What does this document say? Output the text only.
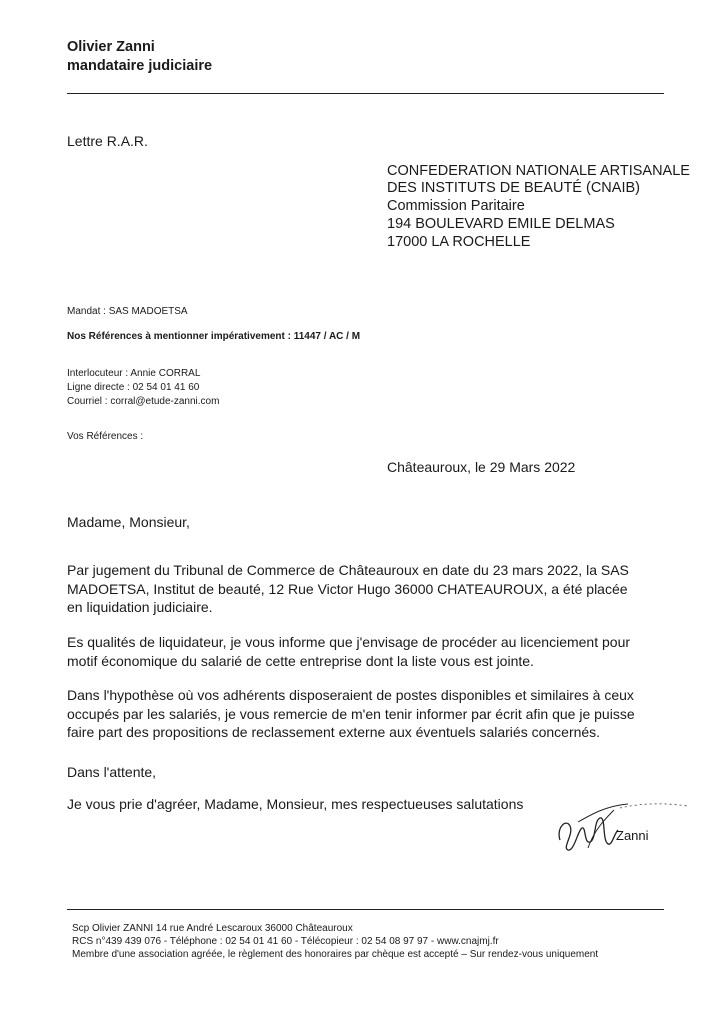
Olivier Zanni
mandataire judiciaire
Lettre R.A.R.
CONFEDERATION NATIONALE ARTISANALE
DES INSTITUTS DE BEAUTÉ (CNAIB)
Commission Paritaire
194 BOULEVARD EMILE DELMAS
17000 LA ROCHELLE
Mandat : SAS MADOETSA
Nos Références à mentionner impérativement : 11447 / AC / M
Interlocuteur : Annie CORRAL
Ligne directe : 02 54 01 41 60
Courriel : corral@etude-zanni.com
Vos Références :
Châteauroux, le 29 Mars 2022
Madame, Monsieur,
Par jugement du Tribunal de Commerce de Châteauroux en date du 23 mars 2022, la SAS
MADOETSA, Institut de beauté, 12 Rue Victor Hugo 36000 CHATEAUROUX, a été placée
en liquidation judiciaire.
Es qualités de liquidateur, je vous informe que j'envisage de procéder au licenciement pour
motif économique du salarié de cette entreprise dont la liste vous est jointe.
Dans l'hypothèse où vos adhérents disposeraient de postes disponibles et similaires à ceux
occupés par les salariés, je vous remercie de m'en tenir informer par écrit afin que je puisse
faire part des propositions de reclassement externe aux éventuels salariés concernés.
Dans l'attente,
Je vous prie d'agréer, Madame, Monsieur, mes respectueuses salutations
Zanni
Scp Olivier ZANNI 14 rue André Lescaroux 36000 Châteauroux
RCS n°439 439 076 - Téléphone : 02 54 01 41 60 - Télécopieur : 02 54 08 97 97 - www.cnajmj.fr
Membre d'une association agréée, le règlement des honoraires par chèque est accepté – Sur rendez-vous uniquement
